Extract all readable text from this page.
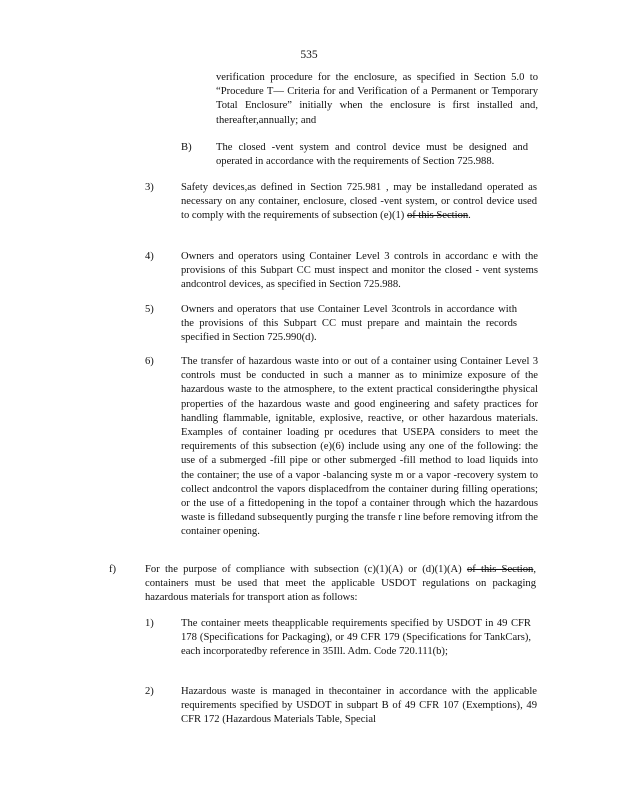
535
verification procedure for the enclosure, as specified in Section 5.0 to “Procedure T— Criteria for and Verification of a Permanent or Temporary Total Enclosure” initially when the enclosure is first installed and, thereafter,annually; and
B) The closed -vent system and control device must be designed and operated in accordance with the requirements of Section 725.988.
3)	Safety devices,as defined in Section 725.981 , may be installedand operated as necessary on any container, enclosure, closed -vent system, or control device used to comply with the requirements of subsection (e)(1) of this Section.
4)	Owners and operators using Container Level 3 controls in accordanc e with the provisions of this Subpart CC must inspect and monitor the closed - vent systems andcontrol devices, as specified in Section 725.988.
5)	Owners and operators that use Container Level 3controls in accordance with the provisions of this Subpart CC must prepare and maintain the records specified in Section 725.990(d).
6)	The transfer of hazardous waste into or out of a container using Container Level 3 controls must be conducted in such a manner as to minimize exposure of the hazardous waste to the atmosphere, to the extent practical consideringthe physical properties of the hazardous waste and good engineering and safety practices for handling flammable, ignitable, explosive, reactive, or other hazardous materials. Examples of container loading pr ocedures that USEPA considers to meet the requirements of this subsection (e)(6) include using any one of the following: the use of a submerged -fill pipe or other submerged -fill method to load liquids into the container; the use of a vapor -balancing syste m or a vapor -recovery system to collect andcontrol the vapors displacedfrom the container during filling operations; or the use of a fittedopening in the topof a container through which the hazardous waste is filledand subsequently purging the transfe r line before removing itfrom the container opening.
f)	For the purpose of compliance with subsection (c)(1)(A) or (d)(1)(A) of this Section, containers must be used that meet the applicable USDOT regulations on packaging hazardous materials for transport ation as follows:
1)	The container meets theapplicable requirements specified by USDOT in 49 CFR 178 (Specifications for Packaging), or 49 CFR 179 (Specifications for TankCars), each incorporatedby reference in 35Ill. Adm. Code 720.111(b);
2)	Hazardous waste is managed in thecontainer in accordance with the applicable requirements specified by USDOT in subpart B of 49 CFR 107 (Exemptions), 49 CFR 172 (Hazardous Materials Table, Special
